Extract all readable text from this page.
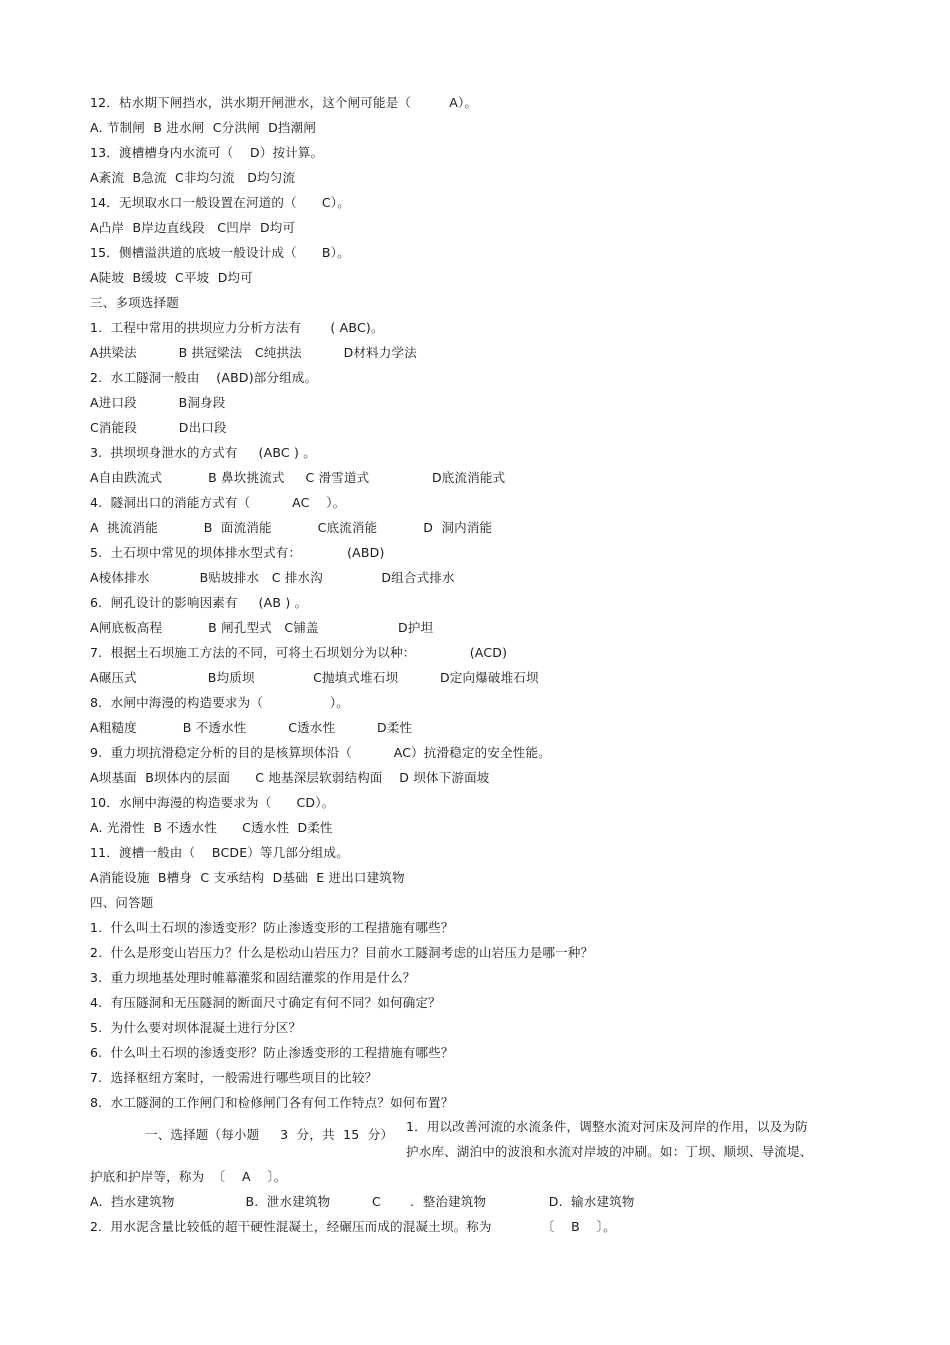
12．枯水期下闸挡水，洪水期开闸泄水，这个闸可能是（　　　A）。
A. 节制闸  B 进水闸  C分洪闸  D挡潮闸
13．渡槽槽身内水流可（    D）按计算。
A紊流  B急流  C非均匀流   D均匀流
14．无坝取水口一般设置在河道的（      C）。
A凸岸  B岸边直线段   C凹岸  D均可
15．侧槽溢洪道的底坡一般设计成（      B）。
A陡坡  B缓坡  C平坡  D均可
三、多项选择题
1.  工程中常用的拱坝应力分析方法有       ( ABC)。
A拱梁法          B 拱冠梁法   C纯拱法          D材料力学法
2.  水工隧洞一般由    (ABD)部分组成。
A进口段          B洞身段
C消能段          D出口段
3.  拱坝坝身泄水的方式有     (ABC ) 。
A自由跌流式           B 鼻坎挑流式     C 滑雪道式               D底流消能式
4.  隧洞出口的消能方式有（          AC    ）。
A  挑流消能           B  面流消能           C底流消能           D  洞内消能
5.  土石坝中常见的坝体排水型式有：           (ABD)
A棱体排水            B贴坡排水   C 排水沟              D组合式排水
6.  闸孔设计的影响因素有     (AB ) 。
A闸底板高程           B 闸孔型式   C铺盖                   D护坦
7.  根据土石坝施工方法的不同，可将土石坝划分为以种：             (ACD)
A碾压式                 B均质坝              C抛填式堆石坝          D定向爆破堆石坝
8.  水闸中海漫的构造要求为（                ）。
A粗糙度           B 不透水性          C透水性          D柔性
9.  重力坝抗滑稳定分析的目的是核算坝体沿（          AC）抗滑稳定的安全性能。
A坝基面  B坝体内的层面      C 地基深层软弱结构面    D 坝体下游面坡
10．水闸中海漫的构造要求为（      CD）。
A. 光滑性  B 不透水性      C透水性  D柔性
11．渡槽一般由（    BCDE）等几部分组成。
A消能设施  B槽身  C 支承结构  D基础  E 进出口建筑物
四、问答题
1.  什么叫土石坝的渗透变形？防止渗透变形的工程措施有哪些？
2.  什么是形变山岩压力？什么是松动山岩压力？目前水工隧洞考虑的山岩压力是哪一种？
3.  重力坝地基处理时帷幕灌浆和固结灌浆的作用是什么？
4.  有压隧洞和无压隧洞的断面尺寸确定有何不同？如何确定？
5.  为什么要对坝体混凝土进行分区？
6.  什么叫土石坝的渗透变形？防止渗透变形的工程措施有哪些？
7.  选择枢纽方案时，一般需进行哪些项目的比较？
8.  水工隧洞的工作闸门和检修闸门各有何工作特点？如何布置？
一、选择题（每小题     3  分，共  15  分）
1．用以改善河流的水流条件，调整水流对河床及河岸的作用，以及为防
护水库、湖泊中的波浪和水流对岸坡的冲刷。如：丁坝、顺坝、导流堤、
护底和护岸等，称为  〔    A    〕。
A.  挡水建筑物                 B.  泄水建筑物          C       .  整治建筑物               D.  输水建筑物
2.  用水泥含量比较低的超干硬性混凝土，经碾压而成的混凝土坝。称为            〔    B    〕。
